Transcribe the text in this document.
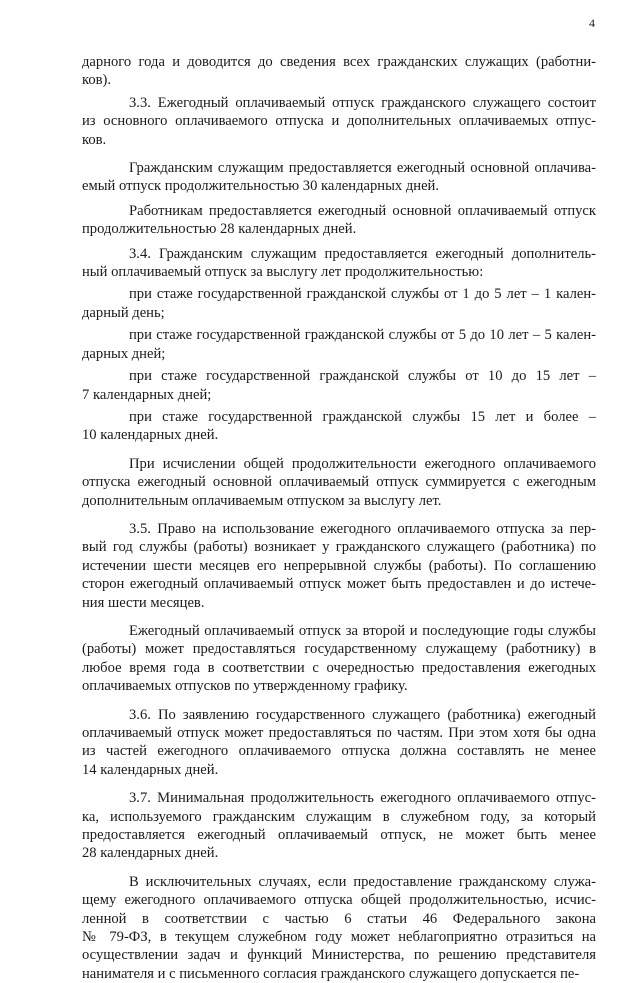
4
дарного года и доводится до сведения всех гражданских служащих (работни-
ков).
3.3. Ежегодный оплачиваемый отпуск гражданского служащего состоит
из основного оплачиваемого отпуска и дополнительных оплачиваемых отпус-
ков.
Гражданским служащим предоставляется ежегодный основной оплачива-
емый отпуск продолжительностью 30 календарных дней.
Работникам предоставляется ежегодный основной оплачиваемый отпуск
продолжительностью 28 календарных дней.
3.4. Гражданским служащим предоставляется ежегодный дополнитель-
ный оплачиваемый отпуск за выслугу лет продолжительностью:
при стаже государственной гражданской службы от 1 до 5 лет – 1 кален-
дарный день;
при стаже государственной гражданской службы от 5 до 10 лет – 5 кален-
дарных дней;
при стаже государственной гражданской службы от 10 до 15 лет –
7 календарных дней;
при стаже государственной гражданской службы 15 лет и более –
10 календарных дней.
При исчислении общей продолжительности ежегодного оплачиваемого
отпуска ежегодный основной оплачиваемый отпуск суммируется с ежегодным
дополнительным оплачиваемым отпуском за выслугу лет.
3.5. Право на использование ежегодного оплачиваемого отпуска за пер-
вый год службы (работы) возникает у гражданского служащего (работника) по
истечении шести месяцев его непрерывной службы (работы). По соглашению
сторон ежегодный оплачиваемый отпуск может быть предоставлен и до истече-
ния шести месяцев.
Ежегодный оплачиваемый отпуск за второй и последующие годы службы
(работы) может предоставляться государственному служащему (работнику) в
любое время года в соответствии с очередностью предоставления ежегодных
оплачиваемых отпусков по утвержденному графику.
3.6. По заявлению государственного служащего (работника) ежегодный
оплачиваемый отпуск может предоставляться по частям. При этом хотя бы одна
из частей ежегодного оплачиваемого отпуска должна составлять не менее
14 календарных дней.
3.7. Минимальная продолжительность ежегодного оплачиваемого отпус-
ка, используемого гражданским служащим в служебном году, за который
предоставляется ежегодный оплачиваемый отпуск, не может быть менее
28 календарных дней.
В исключительных случаях, если предоставление гражданскому служа-
щему ежегодного оплачиваемого отпуска общей продолжительностью, исчис-
ленной в соответствии с частью 6 статьи 46 Федерального закона
№ 79-ФЗ, в текущем служебном году может неблагоприятно отразиться на
осуществлении задач и функций Министерства, по решению представителя
нанимателя и с письменного согласия гражданского служащего допускается пе-
